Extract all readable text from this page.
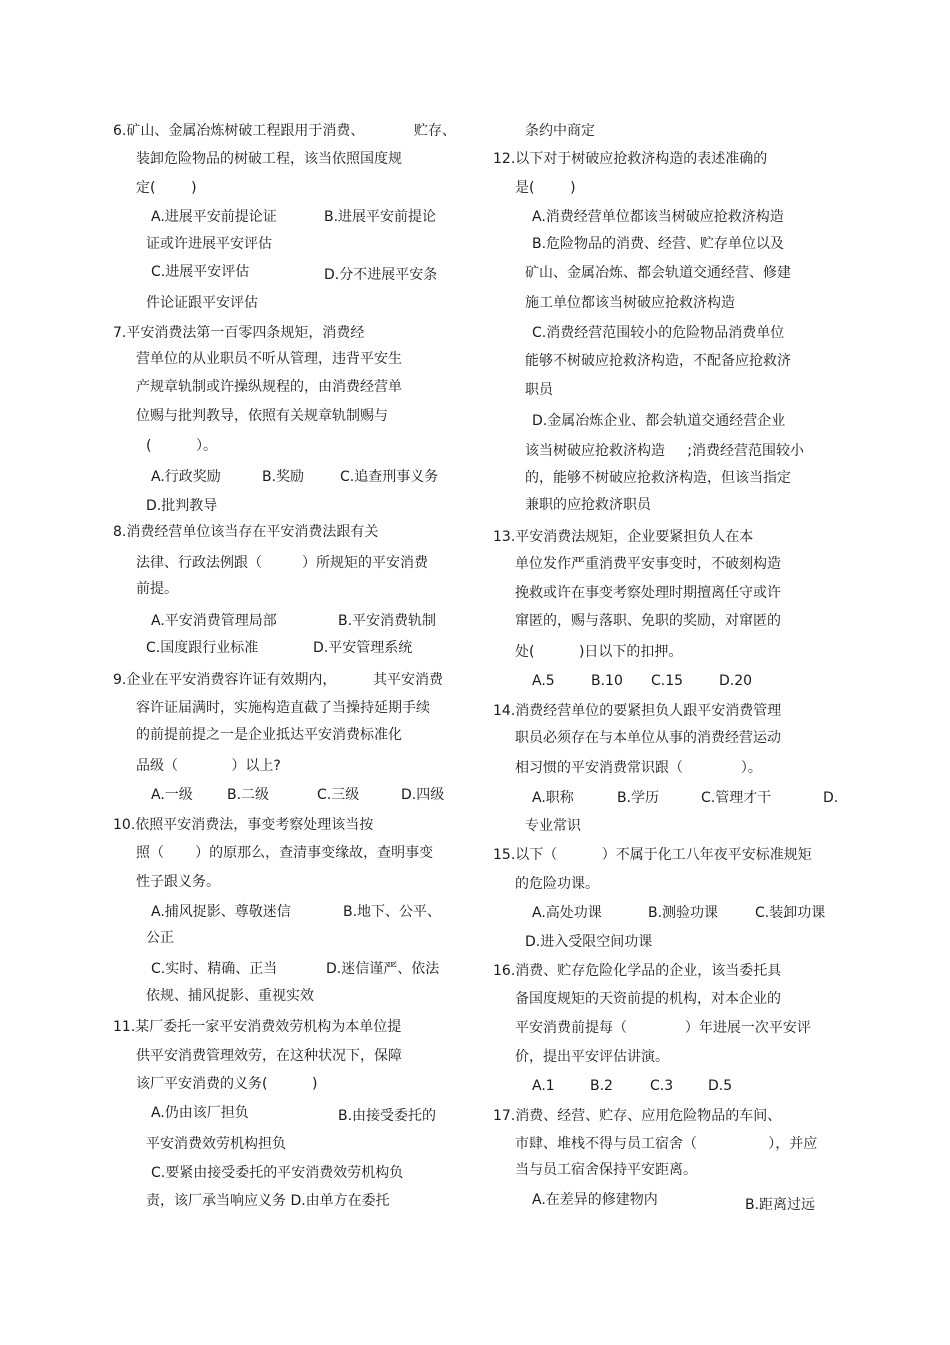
6.矿山、金属冶炼树破工程跟用于消费、	贮存、
装卸危险物品的树破工程，该当依照国度规
定(        )
A.进展平安前提论证	B.进展平安前提论
证或许进展平安评估
C.进展平安评估	D.分不进展平安条
件论证跟平安评估
7.平安消费法第一百零四条规矩，消费经
营单位的从业职员不听从管理，违背平安生
产规章轨制或许操纵规程的，由消费经营单
位赐与批判教导，依照有关规章轨制赐与
(          ）。
A.行政奖励	B.奖励	C.追查刑事义务
D.批判教导
8.消费经营单位该当存在平安消费法跟有关
法律、行政法例跟（         ）所规矩的平安消费
前提。
A.平安消费管理局部	B.平安消费轨制
C.国度跟行业标准	D.平安管理系统
9.企业在平安消费容许证有效期内，	其平安消费
容许证届满时，实施构造直截了当操持延期手续
的前提前提之一是企业抵达平安消费标准化
品级（            ）以上?
A.一级 B.二级	C.三级	D.四级
10.依照平安消费法，事变考察处理该当按
照（       ）的原那么，查清事变缘故，查明事变
性子跟义务。
A.捕风捉影、尊敬迷信	B.地下、公平、
公正
C.实时、精确、正当	D.迷信谨严、依法
依规、捕风捉影、重视实效
11.某厂委托一家平安消费效劳机构为本单位提
供平安消费管理效劳，在这种状况下，保障
该厂平安消费的义务(          )
A.仍由该厂担负	B.由接受委托的
平安消费效劳机构担负
C.要紧由接受委托的平安消费效劳机构负
责，该厂承当响应义务 D.由单方在委托
条约中商定
12.以下对于树破应抢救济构造的表述准确的
是(        )
A.消费经营单位都该当树破应抢救济构造
B.危险物品的消费、经营、贮存单位以及
矿山、金属冶炼、都会轨道交通经营、修建
施工单位都该当树破应抢救济构造
C.消费经营范围较小的危险物品消费单位
能够不树破应抢救济构造，不配备应抢救济
职员
D.金属冶炼企业、都会轨道交通经营企业
该当树破应抢救济构造     ;消费经营范围较小
的，能够不树破应抢救济构造，但该当指定
兼职的应抢救济职员
13.平安消费法规矩，企业要紧担负人在本
单位发作严重消费平安事变时，不破刻构造
挽救或许在事变考察处理时期擅离任守或许
窜匿的，赐与落职、免职的奖励，对窜匿的
处(          )日以下的扣押。
A.5	B.10 C.15	D.20
14.消费经营单位的要紧担负人跟平安消费管理
职员必须存在与本单位从事的消费经营运动
相习惯的平安消费常识跟（             ）。
A.职称	B.学历	C.管理才干	D.
专业常识
15.以下（          ）不属于化工八年夜平安标准规矩
的危险功课。
A.高处功课	B.测验功课	C.装卸功课
D.进入受限空间功课
16.消费、贮存危险化学品的企业，该当委托具
备国度规矩的天资前提的机构，对本企业的
平安消费前提每（             ）年进展一次平安评
价，提出平安评估讲演。
A.1	B.2	C.3 D.5
17.消费、经营、贮存、应用危险物品的车间、
市肆、堆栈不得与员工宿舍（                ），并应
当与员工宿舍保持平安距离。
A.在差异的修建物内	B.距离过远
